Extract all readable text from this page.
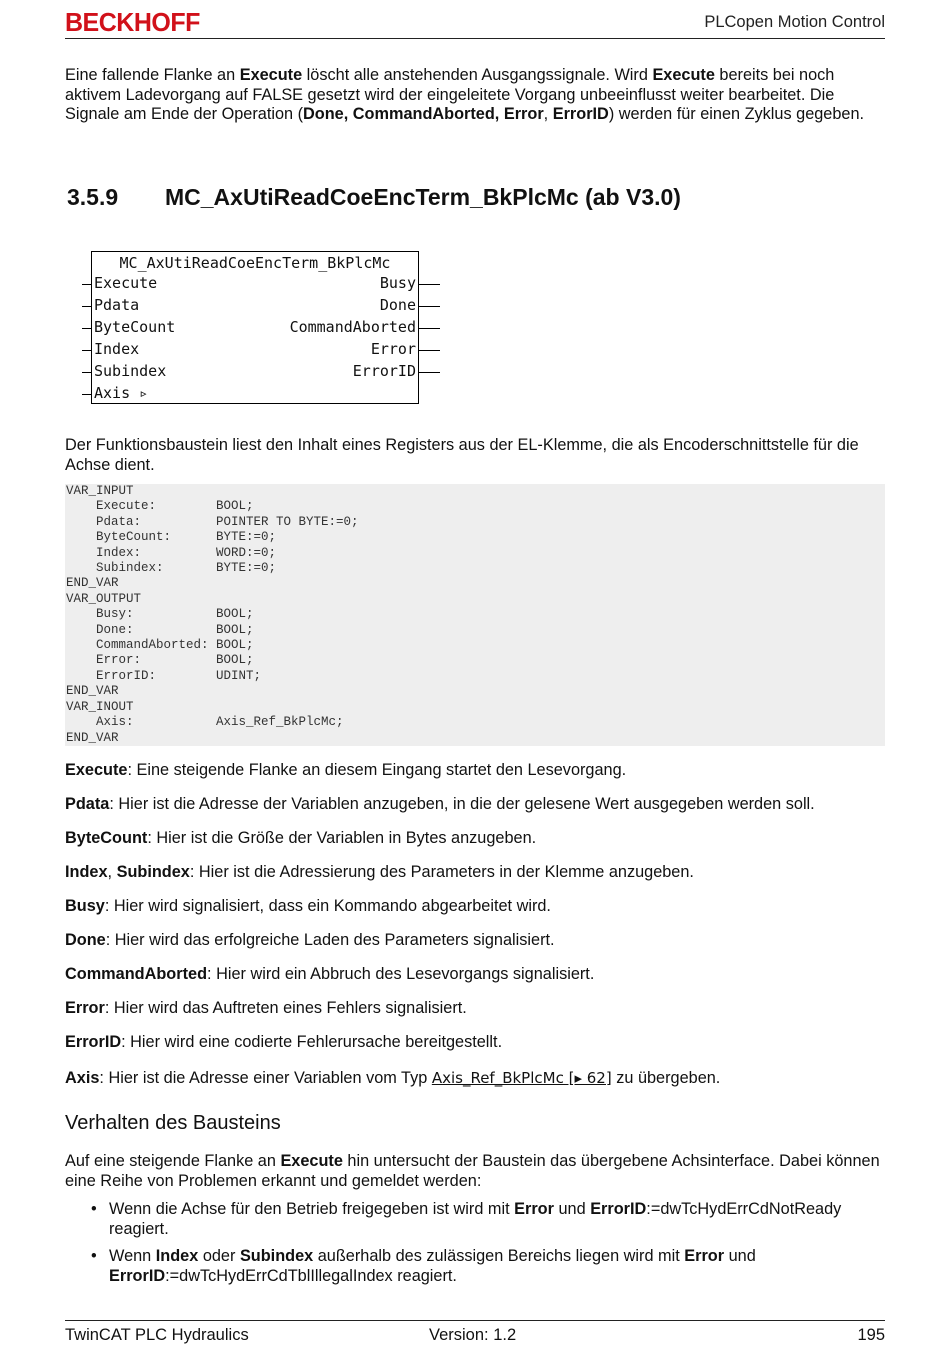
BECKHOFF	PLCopen Motion Control

Eine fallende Flanke an Execute löscht alle anstehenden Ausgangssignale. Wird Execute bereits bei noch aktivem Ladevorgang auf FALSE gesetzt wird der eingeleitete Vorgang unbeeinflusst weiter bearbeitet. Die Signale am Ende der Operation (Done, CommandAborted, Error, ErrorID) werden für einen Zyklus gegeben.

3.5.9 MC_AxUtiReadCoeEncTerm_BkPlcMc (ab V3.0)
MC_AxUtiReadCoeEncTerm_BkPlcMc
Execute	Busy
Pdata	Done
ByteCount	CommandAborted
Index	Error
Subindex	ErrorID
Axis ▹

Der Funktionsbaustein liest den Inhalt eines Registers aus der EL-Klemme, die als Encoderschnittstelle für die Achse dient.

VAR_INPUT
Execute:        BOOL;
Pdata:          POINTER TO BYTE:=0;
ByteCount:      BYTE:=0;
Index:          WORD:=0;
Subindex:       BYTE:=0;
END_VAR
VAR_OUTPUT
Busy:           BOOL;
Done:           BOOL;
CommandAborted: BOOL;
Error:          BOOL;
ErrorID:        UDINT;
END_VAR
VAR_INOUT
Axis:           Axis_Ref_BkPlcMc;
END_VAR

Execute: Eine steigende Flanke an diesem Eingang startet den Lesevorgang.

Pdata: Hier ist die Adresse der Variablen anzugeben, in die der gelesene Wert ausgegeben werden soll.

ByteCount: Hier ist die Größe der Variablen in Bytes anzugeben.

Index, Subindex: Hier ist die Adressierung des Parameters in der Klemme anzugeben.

Busy: Hier wird signalisiert, dass ein Kommando abgearbeitet wird.

Done: Hier wird das erfolgreiche Laden des Parameters signalisiert.

CommandAborted: Hier wird ein Abbruch des Lesevorgangs signalisiert.

Error: Hier wird das Auftreten eines Fehlers signalisiert.

ErrorID: Hier wird eine codierte Fehlerursache bereitgestellt.

Axis: Hier ist die Adresse einer Variablen vom Typ Axis_Ref_BkPlcMc [▸ 62] zu übergeben.

Verhalten des Bausteins

Auf eine steigende Flanke an Execute hin untersucht der Baustein das übergebene Achsinterface. Dabei können eine Reihe von Problemen erkannt und gemeldet werden:

• Wenn die Achse für den Betrieb freigegeben ist wird mit Error und ErrorID:=dwTcHydErrCdNotReady reagiert.
• Wenn Index oder Subindex außerhalb des zulässigen Bereichs liegen wird mit Error und ErrorID:=dwTcHydErrCdTblIllegalIndex reagiert.
TwinCAT PLC Hydraulics	Version: 1.2	195
